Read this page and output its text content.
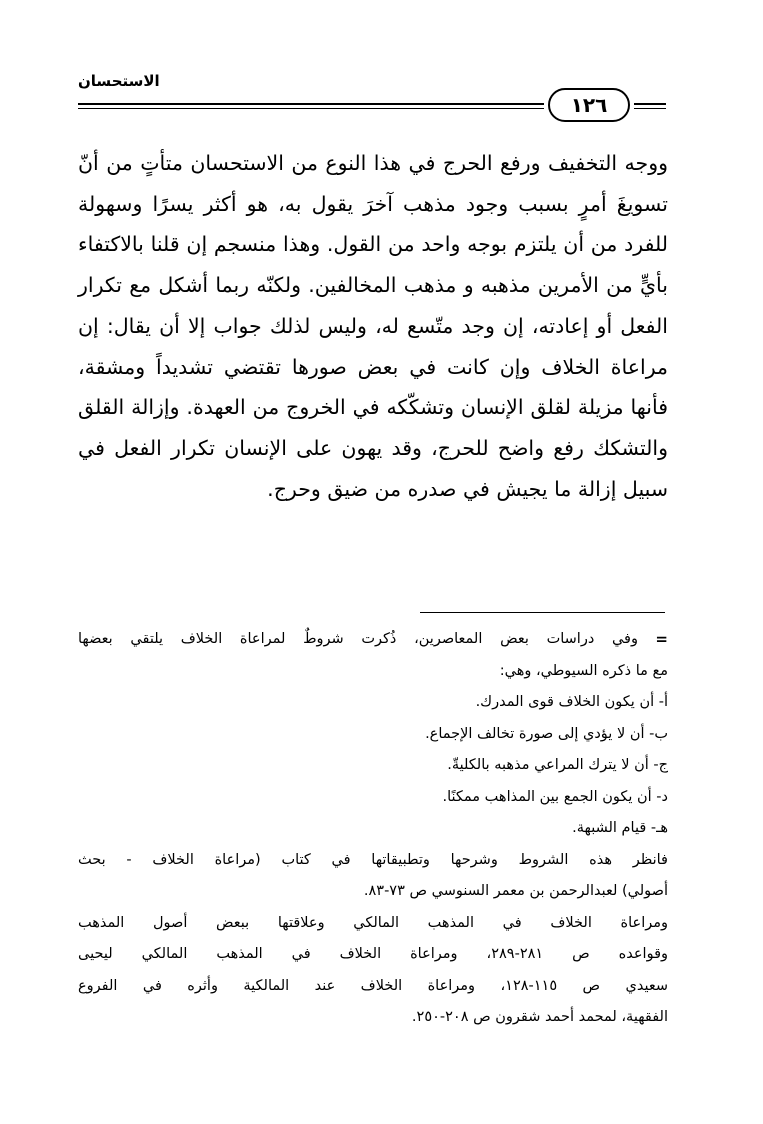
الاستحسان
١٢٦

ووجه التخفيف ورفع الحرج في هذا النوع من الاستحسان متأتٍ من أنّ تسويغَ أمرٍ بسبب وجود مذهب آخرَ يقول به، هو أكثر يسرًا وسهولة للفرد من أن يلتزم بوجه واحد من القول. وهذا منسجم إن قلنا بالاكتفاء بأيٍّ من الأمرين مذهبه و مذهب المخالفين. ولكنّه ربما أشكل مع تكرار الفعل أو إعادته، إن وجد متّسع له، وليس لذلك جواب إلا أن يقال: إن مراعاة الخلاف وإن كانت في بعض صورها تقتضي تشديداً ومشقة، فأنها مزيلة لقلق الإنسان وتشكّكه في الخروج من العهدة. وإزالة القلق والتشكك رفع واضح للحرج، وقد يهون على الإنسان تكرار الفعل في سبيل إزالة ما يجيش في صدره من ضيق وحرج.

=
وفي دراسات بعض المعاصرين، ذُكرت شروطٌ لمراعاة الخلاف يلتقي بعضها
مع ما ذكره السيوطي، وهي:
أ- أن يكون الخلاف قوى المدرك.
ب- أن لا يؤدي إلى صورة تخالف الإجماع.
ج- أن لا يترك المراعي مذهبه بالكليةّ.
د- أن يكون الجمع بين المذاهب ممكنًا.
هـ- قيام الشبهة.
فانظر هذه الشروط وشرحها وتطبيقاتها في كتاب (مراعاة الخلاف - بحث
أصولي) لعبدالرحمن بن معمر السنوسي ص ٧٣-٨٣.
ومراعاة الخلاف في المذهب المالكي وعلاقتها ببعض أصول المذهب
وقواعده ص ٢٨١-٢٨٩، ومراعاة الخلاف في المذهب المالكي ليحيى
سعيدي ص ١١٥-١٢٨، ومراعاة الخلاف عند المالكية وأثره في الفروع
الفقهية، لمحمد أحمد شقرون ص ٢٠٨-٢٥٠.
